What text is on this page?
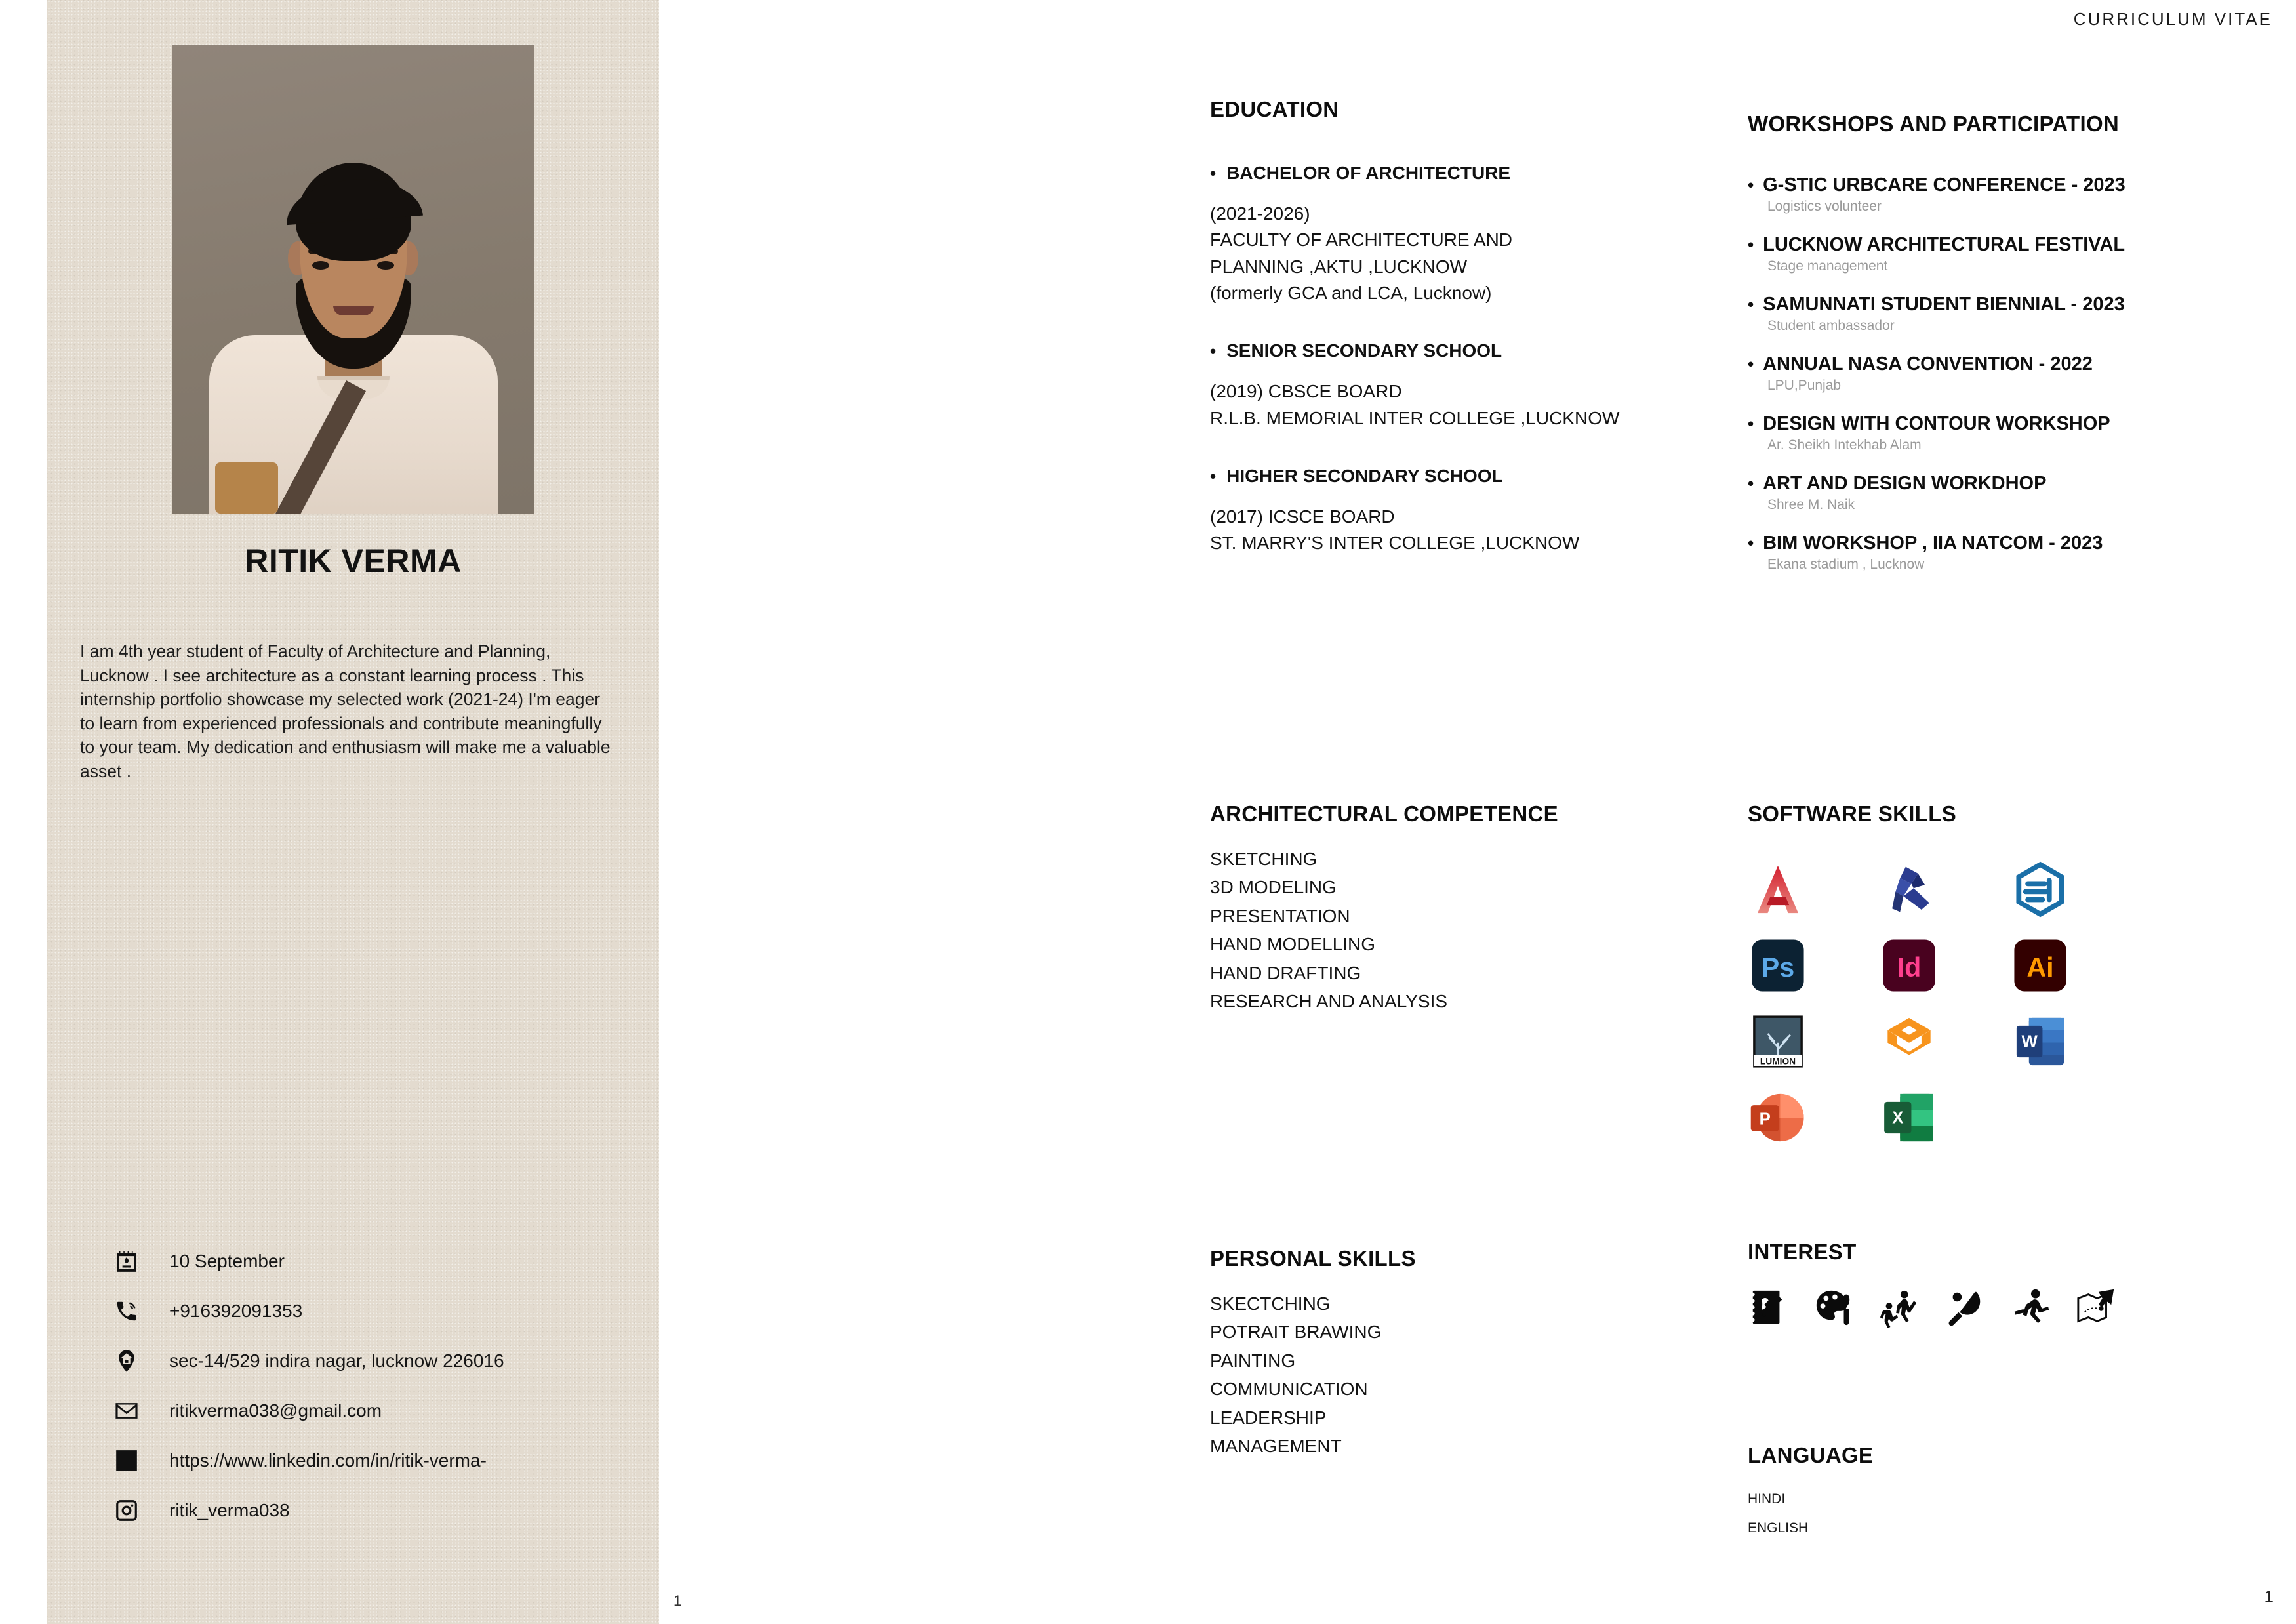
CURRICULUM VITAE
1
1
RITIK VERMA
I am 4th year student of Faculty of Architecture and Planning, Lucknow . I see architecture as a constant learning process . This internship portfolio showcase my selected work (2021-24) I'm eager to learn from experienced professionals and contribute meaningfully to your team. My dedication and enthusiasm will make me a valuable asset .
10 September
+916392091353
sec-14/529 indira nagar, lucknow 226016
ritikverma038@gmail.com
https://www.linkedin.com/in/ritik-verma-
ritik_verma038
EDUCATION
• BACHELOR OF ARCHITECTURE
(2021-2026)
FACULTY OF ARCHITECTURE AND
PLANNING ,AKTU ,LUCKNOW
(formerly GCA and LCA, Lucknow)
• SENIOR SECONDARY SCHOOL
(2019) CBSCE BOARD
R.L.B. MEMORIAL INTER COLLEGE ,LUCKNOW
• HIGHER SECONDARY SCHOOL
(2017) ICSCE BOARD
ST. MARRY'S INTER COLLEGE ,LUCKNOW
ARCHITECTURAL COMPETENCE
SKETCHING
3D MODELING
PRESENTATION
HAND MODELLING
HAND DRAFTING
RESEARCH AND ANALYSIS
PERSONAL SKILLS
SKECTCHING
POTRAIT BRAWING
PAINTING
COMMUNICATION
LEADERSHIP
MANAGEMENT
WORKSHOPS AND PARTICIPATION
• G-STIC URBCARE CONFERENCE - 2023
Logistics volunteer
• LUCKNOW ARCHITECTURAL FESTIVAL
Stage management
• SAMUNNATI STUDENT BIENNIAL - 2023
Student ambassador
• ANNUAL NASA CONVENTION - 2022
LPU,Punjab
• DESIGN WITH CONTOUR WORKSHOP
Ar. Sheikh Intekhab Alam
• ART AND DESIGN WORKDHOP
Shree M. Naik
• BIM WORKSHOP , IIA NATCOM - 2023
Ekana stadium , Lucknow
SOFTWARE SKILLS
Ps	Id	Ai
LUMION
W
P	X
INTEREST
LANGUAGE
HINDI
ENGLISH
